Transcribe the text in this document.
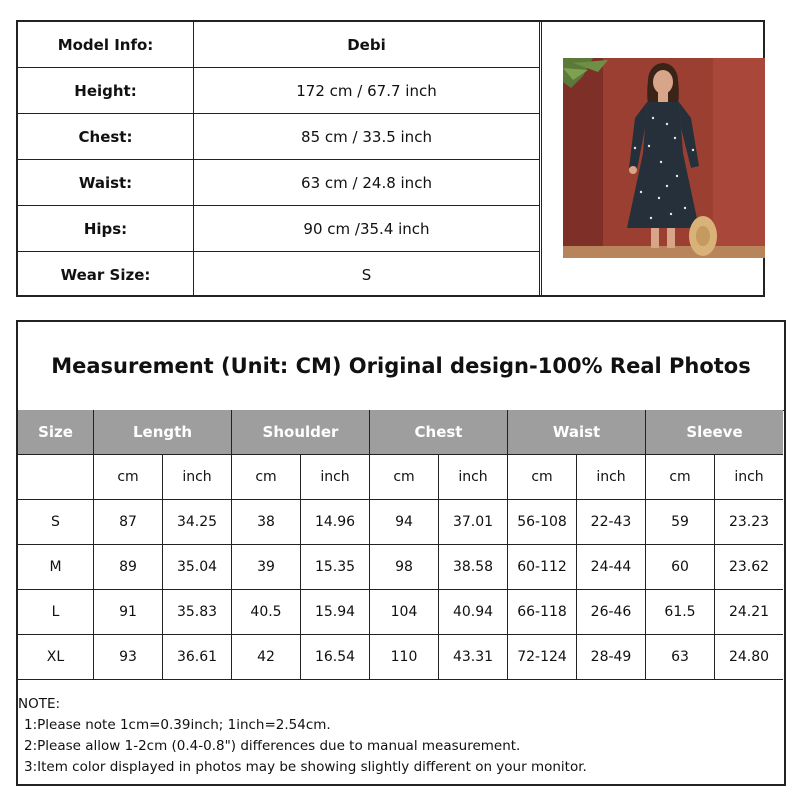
Model Info:	Debi
Height:	172 cm / 67.7 inch
Chest:	85 cm / 33.5 inch
Waist:	63 cm / 24.8 inch
Hips:	90 cm /35.4 inch
Wear Size:	S
Measurement (Unit: CM) Original design-100% Real Photos
Size	Length		Shoulder		Chest		Waist		Sleeve	
	cm	inch	cm	inch	cm	inch	cm	inch	cm	inch
S	87	34.25	38	14.96	94	37.01	56-108	22-43	59	23.23
M	89	35.04	39	15.35	98	38.58	60-112	24-44	60	23.62
L	91	35.83	40.5	15.94	104	40.94	66-118	26-46	61.5	24.21
XL	93	36.61	42	16.54	110	43.31	72-124	28-49	63	24.80
NOTE:
1:Please note 1cm=0.39inch; 1inch=2.54cm.
2:Please allow 1-2cm (0.4-0.8") differences due to manual measurement.
3:Item color displayed in photos may be showing slightly different on your monitor.
